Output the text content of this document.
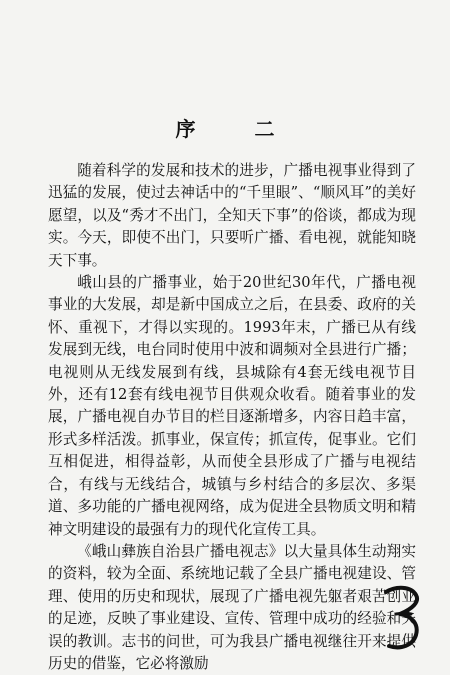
序 二

随着科学的发展和技术的进步，广播电视事业得到了迅猛的发展，使过去神话中的“千里眼”、“顺风耳”的美好愿望，以及“秀才不出门，全知天下事”的俗谈，都成为现实。今天，即使不出门，只要听广播、看电视，就能知晓天下事。

峨山县的广播事业，始于20世纪30年代，广播电视事业的大发展，却是新中国成立之后，在县委、政府的关怀、重视下，才得以实现的。1993年末，广播已从有线发展到无线，电台同时使用中波和调频对全县进行广播；电视则从无线发展到有线，县城除有4套无线电视节目外，还有12套有线电视节目供观众收看。随着事业的发展，广播电视自办节目的栏目逐渐增多，内容日趋丰富，形式多样活泼。抓事业，保宣传；抓宣传，促事业。它们互相促进，相得益彰，从而使全县形成了广播与电视结合，有线与无线结合，城镇与乡村结合的多层次、多渠道、多功能的广播电视网络，成为促进全县物质文明和精神文明建设的最强有力的现代化宣传工具。

《峨山彝族自治县广播电视志》以大量具体生动翔实的资料，较为全面、系统地记载了全县广播电视建设、管理、使用的历史和现状，展现了广播电视先躯者艰苦创业的足迹，反映了事业建设、宣传、管理中成功的经验和失误的教训。志书的问世，可为我县广播电视继往开来提供历史的借鉴，它必将激励
